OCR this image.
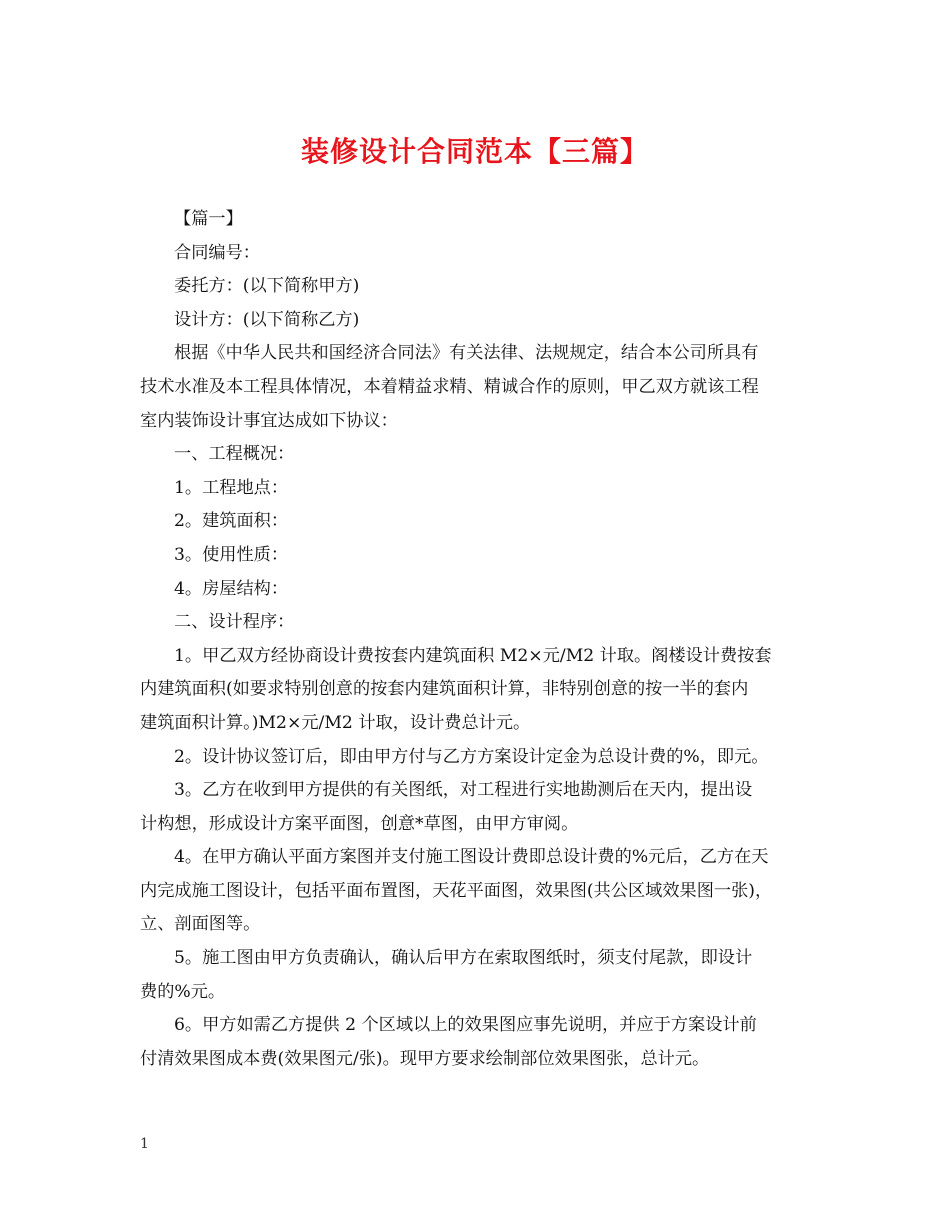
装修设计合同范本【三篇】

【篇一】

合同编号：

委托方：(以下简称甲方)

设计方：(以下简称乙方)

根据《中华人民共和国经济合同法》有关法律、法规规定，结合本公司所具有

技术水准及本工程具体情况，本着精益求精、精诚合作的原则，甲乙双方就该工程

室内装饰设计事宜达成如下协议：

一、工程概况：

1。工程地点：

2。建筑面积：

3。使用性质：

4。房屋结构：

二、设计程序：

1。甲乙双方经协商设计费按套内建筑面积 M2×元/M2 计取。阁楼设计费按套

内建筑面积(如要求特别创意的按套内建筑面积计算，非特别创意的按一半的套内

建筑面积计算。)M2×元/M2 计取，设计费总计元。

2。设计协议签订后，即由甲方付与乙方方案设计定金为总设计费的%，即元。

3。乙方在收到甲方提供的有关图纸，对工程进行实地勘测后在天内，提出设

计构想，形成设计方案平面图，创意*草图，由甲方审阅。

4。在甲方确认平面方案图并支付施工图设计费即总设计费的%元后，乙方在天

内完成施工图设计，包括平面布置图，天花平面图，效果图(共公区域效果图一张)，

立、剖面图等。

5。施工图由甲方负责确认，确认后甲方在索取图纸时，须支付尾款，即设计

费的%元。

6。甲方如需乙方提供 2 个区域以上的效果图应事先说明，并应于方案设计前

付清效果图成本费(效果图元/张)。现甲方要求绘制部位效果图张，总计元。

1
